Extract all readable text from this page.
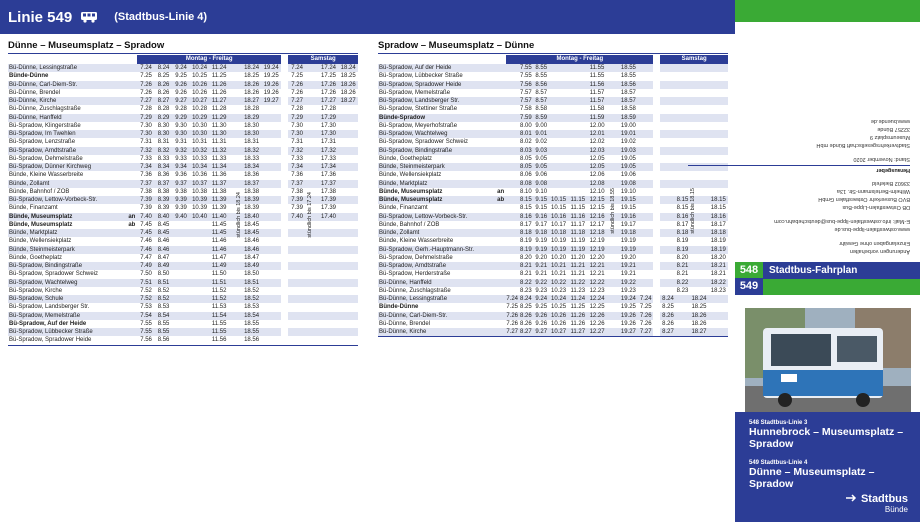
Linie 549	(Stadtbus-Linie 4)
Dünne – Museumsplatz – Spradow
		Montag - Freitag									Samstag			
Bü-Dünne, Lessingstraße		7.24	8.24	9.24	10.24	11.24		18.24	19.24		7.24		17.24	18.24
Bünde-Dünne		7.25	8.25	9.25	10.25	11.25		18.25	19.25		7.25		17.25	18.25
Bü-Dünne, Carl-Diem-Str.		7.26	8.26	9.26	10.26	11.26		18.26	19.26		7.26		17.26	18.26
Bü-Dünne, Brendel		7.26	8.26	9.26	10.26	11.26		18.26	19.26		7.26		17.26	18.26
Bü-Dünne, Kirche		7.27	8.27	9.27	10.27	11.27		18.27	19.27		7.27		17.27	18.27
Bü-Dünne, Zuschlagstraße		7.28	8.28	9.28	10.28	11.28		18.28			7.28		17.28	
Bü-Dünne, Hanffeld		7.29	8.29	9.29	10.29	11.29		18.29			7.29		17.29	
Bü-Spradow, Klingerstraße		7.30	8.30	9.30	10.30	11.30		18.30			7.30		17.30	
Bü-Spradow, Im Twehlen		7.30	8.30	9.30	10.30	11.30		18.30			7.30		17.30	
Bü-Spradow, Lenzstraße		7.31	8.31	9.31	10.31	11.31		18.31			7.31		17.31	
Bü-Spradow, Arndtstraße		7.32	8.32	9.32	10.32	11.32		18.32			7.32		17.32	
Bü-Spradow, Dehmelstraße		7.33	8.33	9.33	10.33	11.33		18.33			7.33		17.33	
Bü-Spradow, Dünner Kirchweg		7.34	8.34	9.34	10.34	11.34		18.34			7.34		17.34	
Bünde, Kleine Wasserbreite		7.36	8.36	9.36	10.36	11.36		18.36			7.36		17.36	
Bünde, Zollamt		7.37	8.37	9.37	10.37	11.37		18.37			7.37		17.37	
Bünde, Bahnhof / ZOB		7.38	8.38	9.38	10.38	11.38		18.38			7.38		17.38	
Bü-Spradow, Lettow-Vorbeck-Str.		7.39	8.39	9.39	10.39	11.39		18.39			7.39		17.39	
Bünde, Finanzamt		7.39	8.39	9.39	10.39	11.39		18.39			7.39		17.39	
Bünde, Museumsplatz	an	7.40	8.40	9.40	10.40	11.40		18.40			7.40		17.40	
Bünde, Museumsplatz	ab	7.45	8.45			11.45		18.45						
Bünde, Marktplatz		7.45	8.45			11.45		18.45						
Bünde, Wellensiekplatz		7.46	8.46			11.46		18.46						
Bünde, Steinmeisterpark		7.46	8.46			11.46		18.46						
Bünde, Goetheplatz		7.47	8.47			11.47		18.47						
Bü-Spradow, Bindingstraße		7.49	8.49			11.49		18.49						
Bü-Spradow, Spradower Schweiz		7.50	8.50			11.50		18.50						
Bü-Spradow, Wachtelweg		7.51	8.51			11.51		18.51						
Bü-Spradow, Kirche		7.52	8.52			11.52		18.52						
Bü-Spradow, Schule		7.52	8.52			11.52		18.52						
Bü-Spradow, Landsberger Str.		7.53	8.53			11.53		18.53						
Bü-Spradow, Memelstraße		7.54	8.54			11.54		18.54						
Bü-Spradow, Auf der Heide		7.55	8.55			11.55		18.55						
Bü-Spradow, Lübbecker Straße		7.55	8.55			11.55		18.55						
Bü-Spradow, Spradower Heide		7.56	8.56			11.56		18.56						
stündlich bis 18.24	stündlich bis 17.24
Spradow – Museumsplatz – Dünne
		Montag - Freitag										Samstag			
Bü-Spradow, Auf der Heide			7.55	8.55			11.55		18.55						
Bü-Spradow, Lübbecker Straße			7.55	8.55			11.55		18.55						
Bü-Spradow, Spradower Heide			7.56	8.56			11.56		18.56						
Bü-Spradow, Memelstraße			7.57	8.57			11.57		18.57						
Bü-Spradow, Landsberger Str.			7.57	8.57			11.57		18.57						
Bü-Spradow, Stettiner Straße			7.58	8.58			11.58		18.58						
Bünde-Spradow			7.59	8.59			11.59		18.59						
Bü-Spradow, Meyerhofstraße			8.00	9.00			12.00		19.00						
Bü-Spradow, Wachtelweg			8.01	9.01			12.01		19.01						
Bü-Spradow, Spradower Schweiz			8.02	9.02			12.02		19.02						
Bü-Spradow, Bindingstraße			8.03	9.03			12.03		19.03						
Bünde, Goetheplatz			8.05	9.05			12.05		19.05						
Bünde, Steinmeisterpark			8.05	9.05			12.05		19.05						
Bünde, Wellensiekplatz			8.06	9.06			12.06		19.06						
Bünde, Marktplatz			8.08	9.08			12.08		19.08						
Bünde, Museumsplatz	an		8.10	9.10			12.10		19.10						
Bünde, Museumsplatz	ab		8.15	9.15	10.15	11.15	12.15		19.15				8.15		18.15
Bünde, Finanzamt			8.15	9.15	10.15	11.15	12.15		19.15				8.15		18.15
Bü-Spradow, Lettow-Vorbeck-Str.			8.16	9.16	10.16	11.16	12.16		19.16				8.16		18.16
Bünde, Bahnhof / ZOB			8.17	9.17	10.17	11.17	12.17		19.17				8.17		18.17
Bünde, Zollamt			8.18	9.18	10.18	11.18	12.18		19.18				8.18		18.18
Bünde, Kleine Wasserbreite			8.19	9.19	10.19	11.19	12.19		19.19				8.19		18.19
Bü-Spradow, Gerh.-Hauptmann-Str.			8.19	9.19	10.19	11.19	12.19		19.19				8.19		18.19
Bü-Spradow, Dehmelstraße			8.20	9.20	10.20	11.20	12.20		19.20				8.20		18.20
Bü-Spradow, Arndtstraße			8.21	9.21	10.21	11.21	12.21		19.21				8.21		18.21
Bü-Spradow, Herderstraße			8.21	9.21	10.21	11.21	12.21		19.21				8.21		18.21
Bü-Dünne, Hanffeld			8.22	9.22	10.22	11.22	12.22		19.22				8.22		18.22
Bü-Dünne, Zuschlagstraße			8.23	9.23	10.23	11.23	12.23		19.23				8.23		18.23
Bü-Dünne, Lessingstraße		7.24	8.24	9.24	10.24	11.24	12.24		19.24	7.24		8.24		18.24	
Bünde-Dünne		7.25	8.25	9.25	10.25	11.25	12.25		19.25	7.25		8.25		18.25	
Bü-Dünne, Carl-Diem-Str.		7.26	8.26	9.26	10.26	11.26	12.26		19.26	7.26		8.26		18.26	
Bü-Dünne, Brendel		7.26	8.26	9.26	10.26	11.26	12.26		19.26	7.26		8.26		18.26	
Bü-Dünne, Kirche		7.27	8.27	9.27	10.27	11.27	12.27		19.27	7.27		8.27		18.27	
stündlich bis 18.55	stündlich bis 18.15

Änderungen vorbehalten

Einzelangaben ohne Gewähr

www.ostwestfalen-lippe-bus.de

E-Mail: info.ostwestfalen-lippe-bus@deutschebahn.com

DB Ostwestfalen-Lippe-Bus

BVO Busverkehr Ostwestfalen GmbH

Wilhelm-Bertelsmann-Str. 13a

33602 Bielefeld

Herausgeber

Stand: November 2020

Stadtverkehrsgesellschaft Bünde mbH

Museumsplatz 9

32257 Bünde

www.buende.de

548
549
Stadtbus-Fahrplan
548 Stadtbus-Linie 3
Hunnebrock – Museumsplatz – Spradow
549 Stadtbus-Linie 4
Dünne – Museumsplatz –Spradow
Stadtbus
Bünde
